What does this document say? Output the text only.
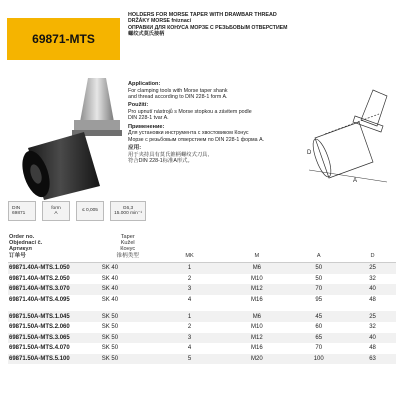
69871-MTS
HOLDERS FOR MORSE TAPER WITH DRAWBAR THREAD
DRŽÁKY MORSE fréznací
ОПРАВКИ ДЛЯ КОНУСА МОРЗЕ С РЕЗЬБОВЫМ ОТВЕРСТИЕМ
螺纹式莫氏接柄
Application:
For clamping tools with Morse taper shank
and thread according to DIN 228-1 form A.
Použití:
Pro upnutí nástrojů s Morse stopkou a závitem podle
DIN 228-1 tvar A.
Применение:
Для установки инструмента с хвостовиком Конус
Морзе с резьбовым отверстием по DIN 228-1 форма A.
应用:
用于夹持具有莫氏锥柄螺纹式刀具,
符合DIN 228-1标准A形式。
D
A
DIN 69871
form
A
≤ 0,005
G6,3
15.000 min⁻¹
Order no.
Objednací č.
Артикул
订单号
Taper
Kužel
Конус
锥柄类型	MK	M	A	D
69871.40A-MTS.1.050	SK 40	1	M6	50	25
69871.40A-MTS.2.050	SK 40	2	M10	50	32
69871.40A-MTS.3.070	SK 40	3	M12	70	40
69871.40A-MTS.4.095	SK 40	4	M16	95	48
69871.50A-MTS.1.045	SK 50	1	M6	45	25
69871.50A-MTS.2.060	SK 50	2	M10	60	32
69871.50A-MTS.3.065	SK 50	3	M12	65	40
69871.50A-MTS.4.070	SK 50	4	M16	70	48
69871.50A-MTS.5.100	SK 50	5	M20	100	63
